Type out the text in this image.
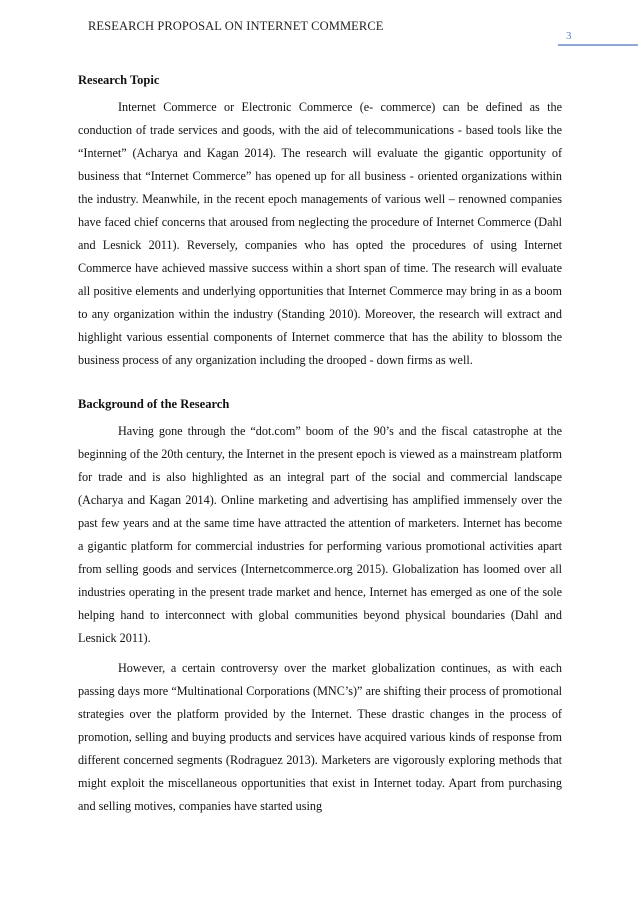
RESEARCH PROPOSAL ON INTERNET COMMERCE
3
Research Topic

Internet Commerce or Electronic Commerce (e- commerce) can be defined as the conduction of trade services and goods, with the aid of telecommunications - based tools like the “Internet” (Acharya and Kagan 2014). The research will evaluate the gigantic opportunity of business that “Internet Commerce” has opened up for all business - oriented organizations within the industry. Meanwhile, in the recent epoch managements of various well – renowned companies have faced chief concerns that aroused from neglecting the procedure of Internet Commerce (Dahl and Lesnick 2011). Reversely, companies who has opted the procedures of using Internet Commerce have achieved massive success within a short span of time. The research will evaluate all positive elements and underlying opportunities that Internet Commerce may bring in as a boom to any organization within the industry (Standing 2010). Moreover, the research will extract and highlight various essential components of Internet commerce that has the ability to blossom the business process of any organization including the drooped - down firms as well.

Background of the Research

Having gone through the “dot.com” boom of the 90’s and the fiscal catastrophe at the beginning of the 20th century, the Internet in the present epoch is viewed as a mainstream platform for trade and is also highlighted as an integral part of the social and commercial landscape (Acharya and Kagan 2014). Online marketing and advertising has amplified immensely over the past few years and at the same time have attracted the attention of marketers. Internet has become a gigantic platform for commercial industries for performing various promotional activities apart from selling goods and services (Internetcommerce.org 2015). Globalization has loomed over all industries operating in the present trade market and hence, Internet has emerged as one of the sole helping hand to interconnect with global communities beyond physical boundaries (Dahl and Lesnick 2011).

However, a certain controversy over the market globalization continues, as with each passing days more “Multinational Corporations (MNC’s)” are shifting their process of promotional strategies over the platform provided by the Internet. These drastic changes in the process of promotion, selling and buying products and services have acquired various kinds of response from different concerned segments (Rodraguez 2013). Marketers are vigorously exploring methods that might exploit the miscellaneous opportunities that exist in Internet today. Apart from purchasing and selling motives, companies have started using
